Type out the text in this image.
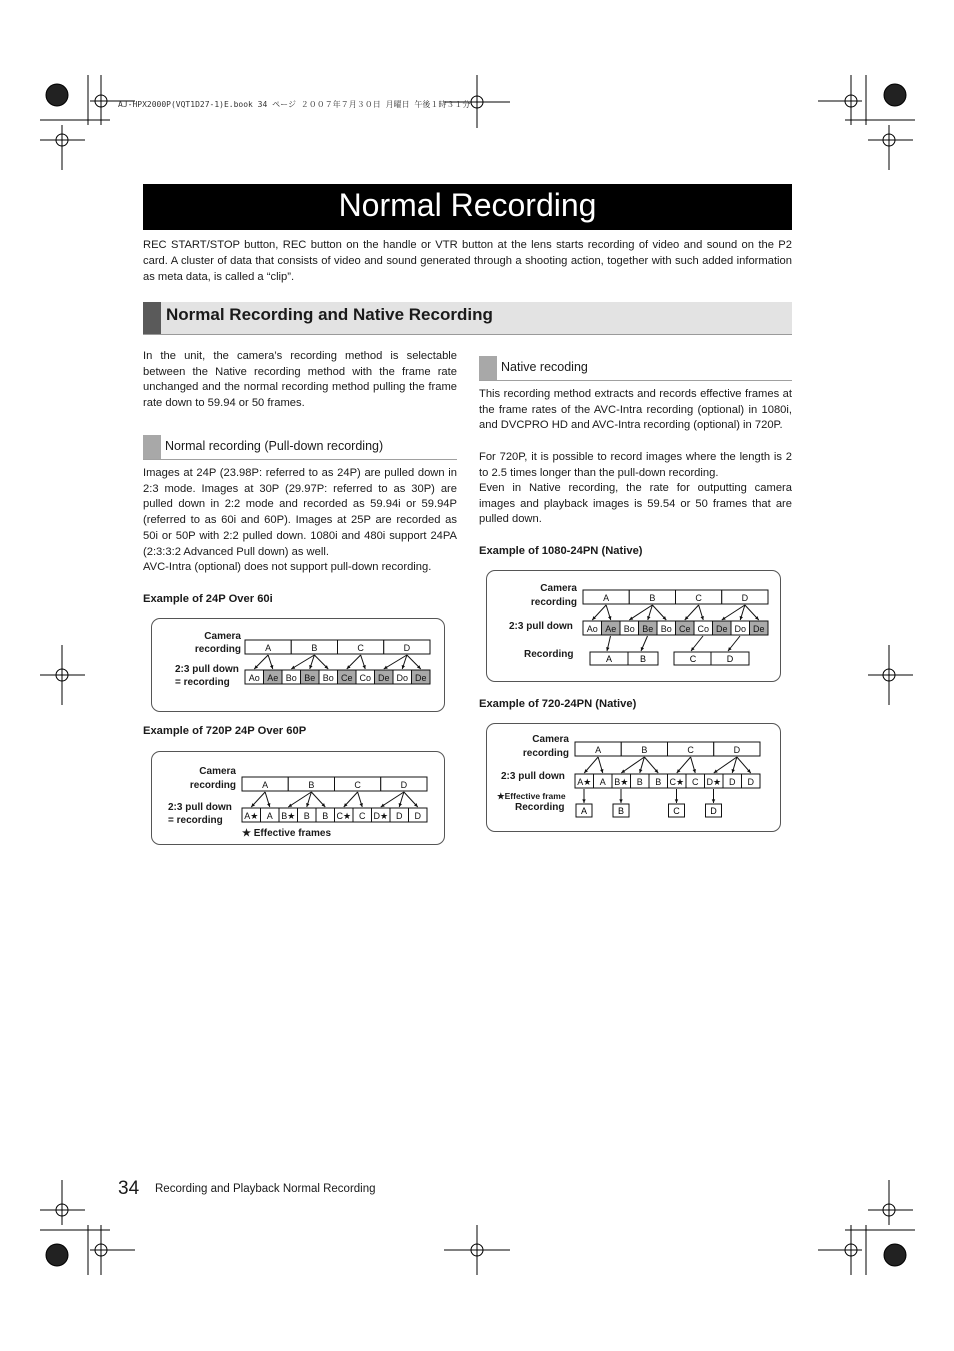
AJ-HPX2000P(VQT1D27-1)E.book 34 ページ ２００７年７月３０日 月曜日 午後１時３１分
Normal Recording
REC START/STOP button, REC button on the handle or VTR button at the lens starts recording of video and sound on the P2 card. A cluster of data that consists of video and sound generated through a shooting action, together with such added information as meta data, is called a “clip”.
Normal Recording and Native Recording
In the unit, the camera’s recording method is selectable between the Native recording method with the frame rate unchanged and the normal recording method pulling the frame rate down to 59.94 or 50 frames.
Normal recording (Pull-down recording)
Images at 24P (23.98P: referred to as 24P) are pulled down in 2:3 mode. Images at 30P (29.97P: referred to as 30P) are pulled down in 2:2 mode and recorded as 59.94i or 59.94P (referred to as 60i and 60P). Images at 25P are recorded as 50i or 50P with 2:2 pulled down. 1080i and 480i support 24PA (2:3:3:2 Advanced Pull down) as well.
AVC-Intra (optional) does not support pull-down recording.
Example of 24P Over 60i
Camera
recording
2:3 pull down
= recording
A	B	C	D
Ao Ae Bo Be Bo Ce Co De Do De
Example of 720P 24P Over 60P
Camera
recording
2:3 pull down
= recording
★ Effective frames
A	B	C	D
A★ A B★ B B C★ C D★ D D
Native recoding
This recording method extracts and records effective frames at the frame rates of the AVC-Intra recording (optional) in 1080i, and DVCPRO HD and AVC-Intra recording (optional) in 720P.
For 720P, it is possible to record images where the length is 2 to 2.5 times longer than the pull-down recording.
Even in Native recording, the rate for outputting camera images and playback images is 59.54 or 50 frames that are pulled down.
Example of 1080-24PN (Native)
Camera
recording
2:3 pull down
Recording
A	B	C	D
Ao Ae Bo Be Bo Ce Co De Do De
A	B	C	D
Example of 720-24PN (Native)
Camera
recording
2:3 pull down
★Effective frame
Recording
A	B	C	D
A★ A B★ B B C★ C D★ D D
A	B	C	D
34 Recording and Playback Normal Recording
